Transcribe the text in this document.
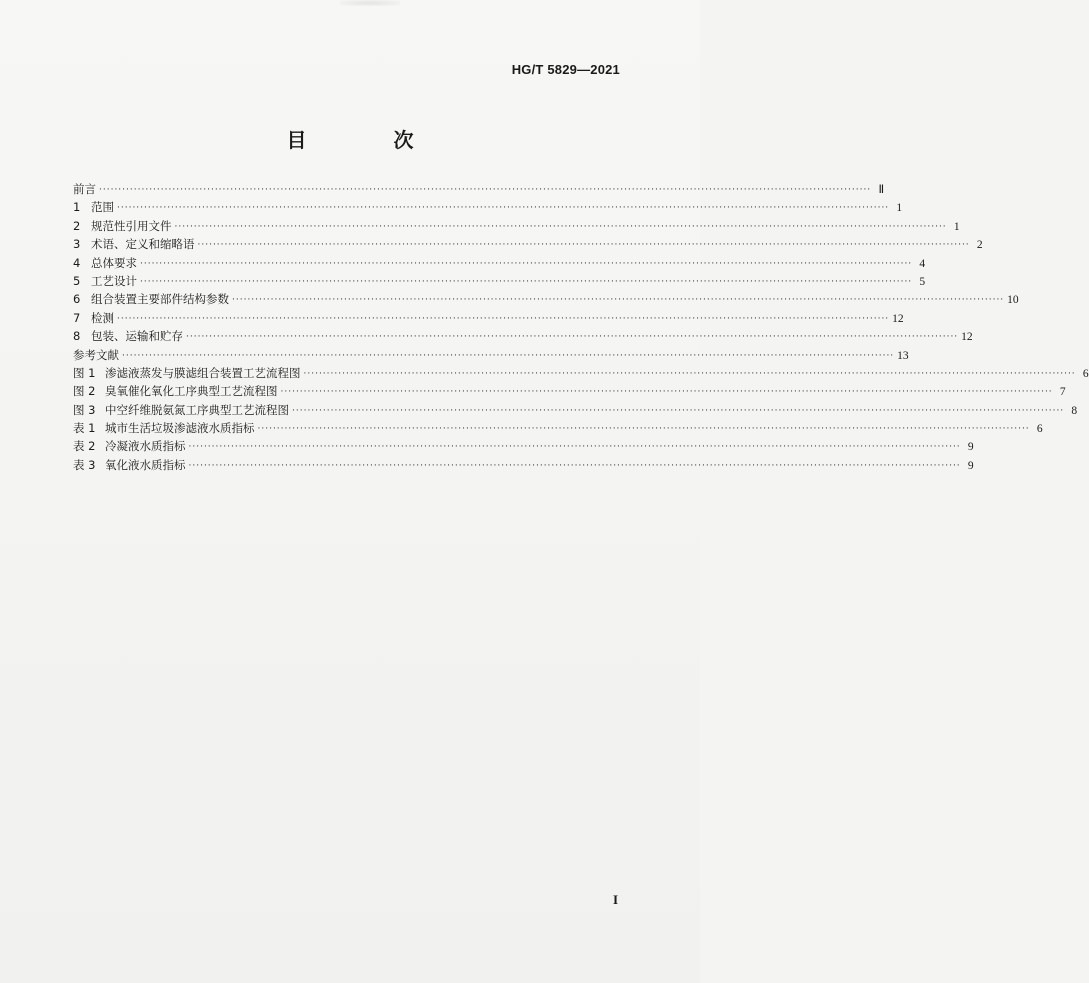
HG/T 5829—2021
目 次
前言 ········································································································································································································ Ⅱ
1 范围 ········································································································································································································ 1
2 规范性引用文件 ········································································································································································································ 1
3 术语、定义和缩略语 ········································································································································································································ 2
4 总体要求 ········································································································································································································ 4
5 工艺设计 ········································································································································································································ 5
6 组合装置主要部件结构参数 ········································································································································································································ 10
7 检测 ········································································································································································································ 12
8 包装、运输和贮存 ········································································································································································································ 12
参考文献 ········································································································································································································ 13
图 1 渗滤液蒸发与膜滤组合装置工艺流程图 ········································································································································································································ 6
图 2 臭氧催化氧化工序典型工艺流程图 ········································································································································································································ 7
图 3 中空纤维脱氨氮工序典型工艺流程图 ········································································································································································································ 8
表 1 城市生活垃圾渗滤液水质指标 ········································································································································································································ 6
表 2 冷凝液水质指标 ········································································································································································································ 9
表 3 氧化液水质指标 ········································································································································································································ 9
I
